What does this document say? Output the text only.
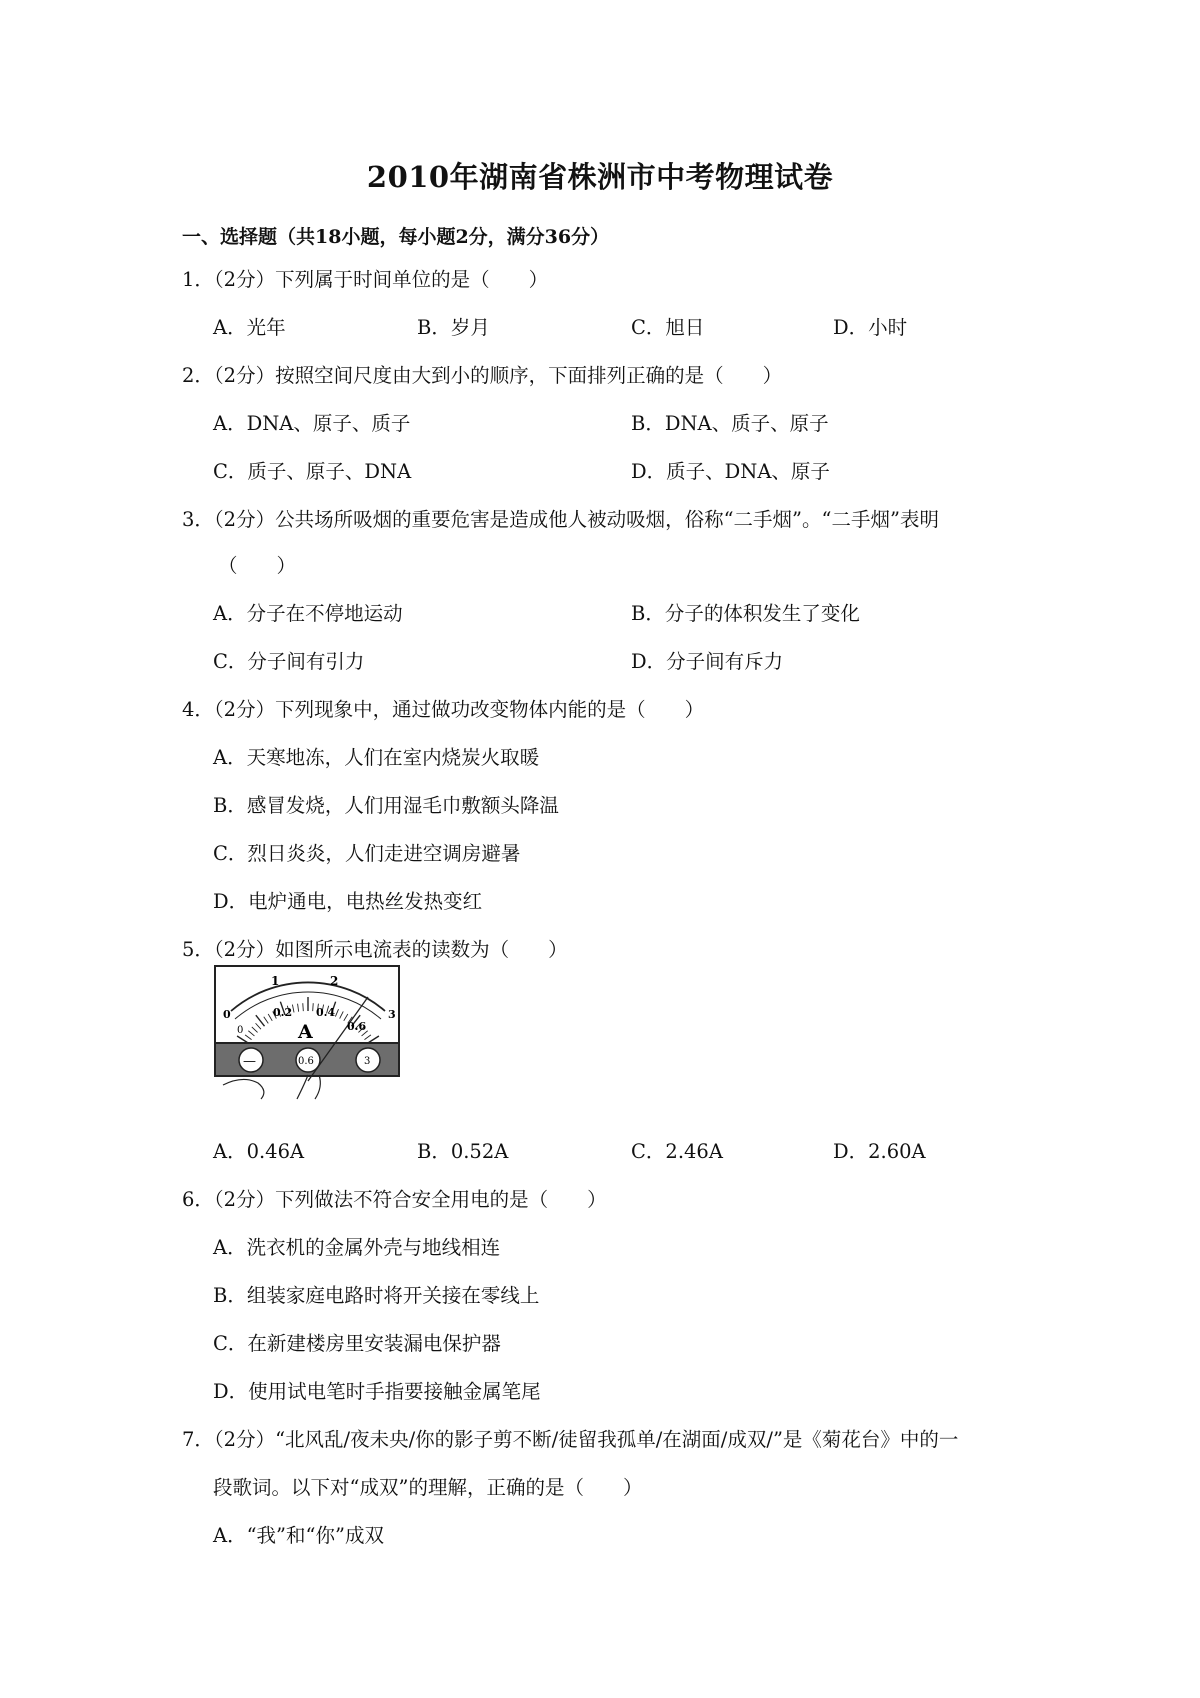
2010年湖南省株洲市中考物理试卷
一、选择题（共18小题，每小题2分，满分36分）
1．（2分）下列属于时间单位的是（　　）
A．光年	B．岁月	C．旭日	D．小时
2．（2分）按照空间尺度由大到小的顺序，下面排列正确的是（　　）
A．DNA、原子、质子	B．DNA、质子、原子
C．质子、原子、DNA	D．质子、DNA、原子
3．（2分）公共场所吸烟的重要危害是造成他人被动吸烟，俗称“二手烟”。“二手烟”表明
（　　）
A．分子在不停地运动	B．分子的体积发生了变化
C．分子间有引力	D．分子间有斥力
4．（2分）下列现象中，通过做功改变物体内能的是（　　）
A．天寒地冻，人们在室内烧炭火取暖
B．感冒发烧，人们用湿毛巾敷额头降温
C．烈日炎炎，人们走进空调房避暑
D．电炉通电，电热丝发热变红
5．（2分）如图所示电流表的读数为（　　）
0
1	2
3
0
0.2 0.4
0.6
A
—	0.6	3
A．0.46A	B．0.52A	C．2.46A	D．2.60A
6．（2分）下列做法不符合安全用电的是（　　）
A．洗衣机的金属外壳与地线相连
B．组装家庭电路时将开关接在零线上
C．在新建楼房里安装漏电保护器
D．使用试电笔时手指要接触金属笔尾
7．（2分）“北风乱/夜未央/你的影子剪不断/徒留我孤单/在湖面/成双/”是《菊花台》中的一
段歌词。以下对“成双”的理解，正确的是（　　）
A．“我”和“你”成双
